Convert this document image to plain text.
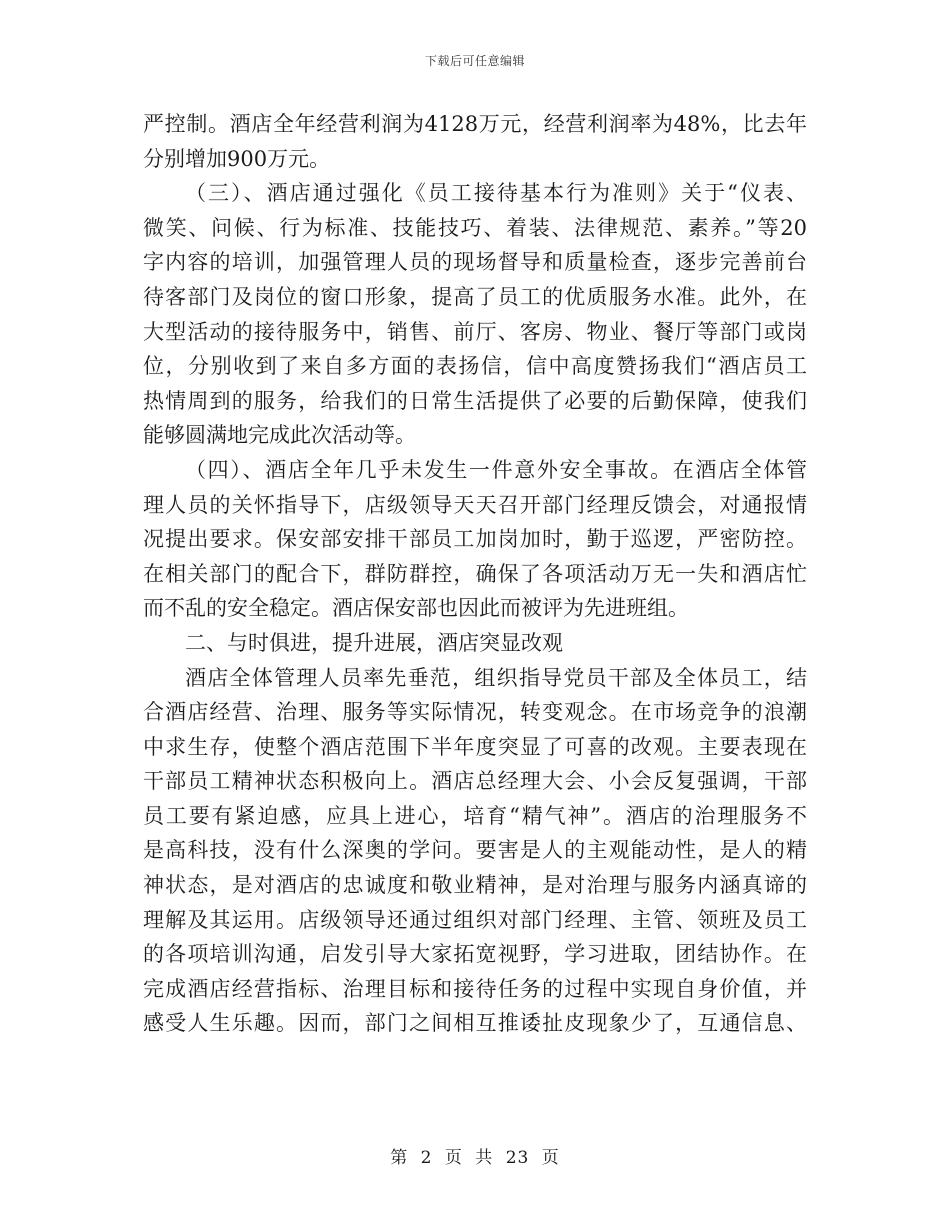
下载后可任意编辑
严控制。酒店全年经营利润为4128万元，经营利润率为48%，比去年
分别增加900万元。
（三）、酒店通过强化《员工接待基本行为准则》关于“仪表、
微笑、问候、行为标准、技能技巧、着装、法律规范、素养。”等20
字内容的培训，加强管理人员的现场督导和质量检查，逐步完善前台
待客部门及岗位的窗口形象，提高了员工的优质服务水准。此外，在
大型活动的接待服务中，销售、前厅、客房、物业、餐厅等部门或岗
位，分别收到了来自多方面的表扬信，信中高度赞扬我们“酒店员工
热情周到的服务，给我们的日常生活提供了必要的后勤保障，使我们
能够圆满地完成此次活动等。
（四）、酒店全年几乎未发生一件意外安全事故。在酒店全体管
理人员的关怀指导下，店级领导天天召开部门经理反馈会，对通报情
况提出要求。保安部安排干部员工加岗加时，勤于巡逻，严密防控。
在相关部门的配合下，群防群控，确保了各项活动万无一失和酒店忙
而不乱的安全稳定。酒店保安部也因此而被评为先进班组。
二、与时俱进，提升进展，酒店突显改观
酒店全体管理人员率先垂范，组织指导党员干部及全体员工，结
合酒店经营、治理、服务等实际情况，转变观念。在市场竞争的浪潮
中求生存，使整个酒店范围下半年度突显了可喜的改观。主要表现在
干部员工精神状态积极向上。酒店总经理大会、小会反复强调，干部
员工要有紧迫感，应具上进心，培育“精气神”。酒店的治理服务不
是高科技，没有什么深奥的学问。要害是人的主观能动性，是人的精
神状态，是对酒店的忠诚度和敬业精神，是对治理与服务内涵真谛的
理解及其运用。店级领导还通过组织对部门经理、主管、领班及员工
的各项培训沟通，启发引导大家拓宽视野，学习进取，团结协作。在
完成酒店经营指标、治理目标和接待任务的过程中实现自身价值，并
感受人生乐趣。因而，部门之间相互推诿扯皮现象少了，互通信息、
第 2 页 共 23 页
